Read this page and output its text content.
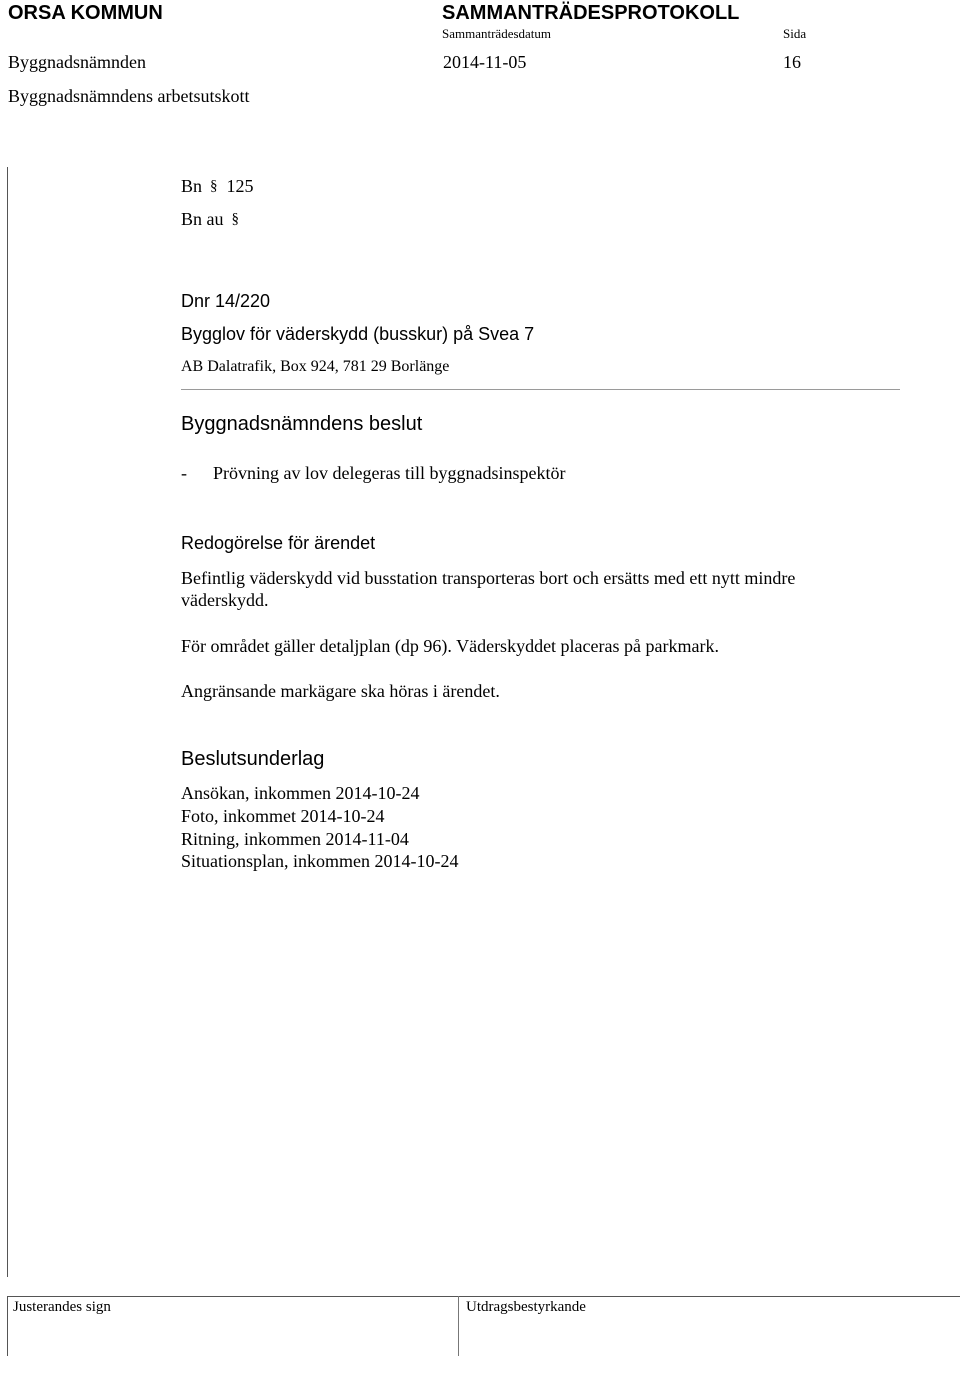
ORSA KOMMUN	SAMMANTRÄDESPROTOKOLL
Sammanträdesdatum	Sida
Byggnadsnämnden	2014-11-05	16
Byggnadsnämndens arbetsutskott
Bn § 125
Bn au §
Dnr 14/220
Bygglov för väderskydd (busskur) på Svea 7
AB Dalatrafik, Box 924, 781 29 Borlänge
Byggnadsnämndens beslut
- Prövning av lov delegeras till byggnadsinspektör
Redogörelse för ärendet
Befintlig väderskydd vid busstation transporteras bort och ersätts med ett nytt mindre
väderskydd.
För området gäller detaljplan (dp 96). Väderskyddet placeras på parkmark.
Angränsande markägare ska höras i ärendet.
Beslutsunderlag
Ansökan, inkommen 2014-10-24
Foto, inkommet 2014-10-24
Ritning, inkommen 2014-11-04
Situationsplan, inkommen 2014-10-24
Justerandes sign	Utdragsbestyrkande
